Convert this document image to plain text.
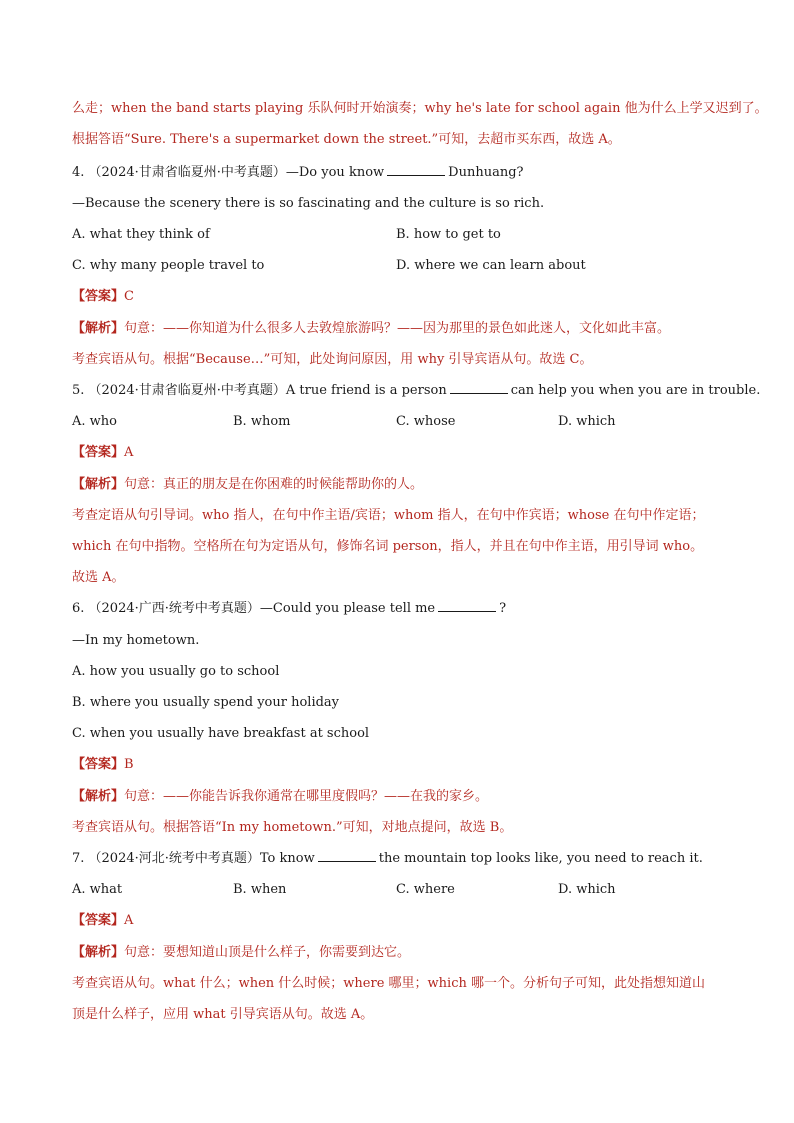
么走；when the band starts playing 乐队何时开始演奏；why he's late for school again 他为什么上学又迟到了。
根据答语“Sure. There's a supermarket down the street.”可知，去超市买东西，故选 A。
4. （2024·甘肃省临夏州·中考真题）—Do you know	Dunhuang?
—Because the scenery there is so fascinating and the culture is so rich.
A. what they think of	B. how to get to
C. why many people travel to	D. where we can learn about
【答案】C
【解析】句意：——你知道为什么很多人去敦煌旅游吗？——因为那里的景色如此迷人，文化如此丰富。
考查宾语从句。根据“Because…”可知，此处询问原因，用 why 引导宾语从句。故选 C。
5. （2024·甘肃省临夏州·中考真题）A true friend is a person	can help you when you are in trouble.
A. who	B. whom	C. whose	D. which
【答案】A
【解析】句意：真正的朋友是在你困难的时候能帮助你的人。
考查定语从句引导词。who 指人，在句中作主语/宾语；whom 指人，在句中作宾语；whose 在句中作定语；
which 在句中指物。空格所在句为定语从句，修饰名词 person，指人，并且在句中作主语，用引导词 who。
故选 A。
6. （2024·广西·统考中考真题）—Could you please tell me	?
—In my hometown.
A. how you usually go to school
B. where you usually spend your holiday
C. when you usually have breakfast at school
【答案】B
【解析】句意：——你能告诉我你通常在哪里度假吗？——在我的家乡。
考查宾语从句。根据答语“In my hometown.”可知，对地点提问，故选 B。
7. （2024·河北·统考中考真题）To know	the mountain top looks like, you need to reach it.
A. what	B. when	C. where	D. which
【答案】A
【解析】句意：要想知道山顶是什么样子，你需要到达它。
考查宾语从句。what 什么；when 什么时候；where 哪里；which 哪一个。分析句子可知，此处指想知道山
顶是什么样子，应用 what 引导宾语从句。故选 A。
